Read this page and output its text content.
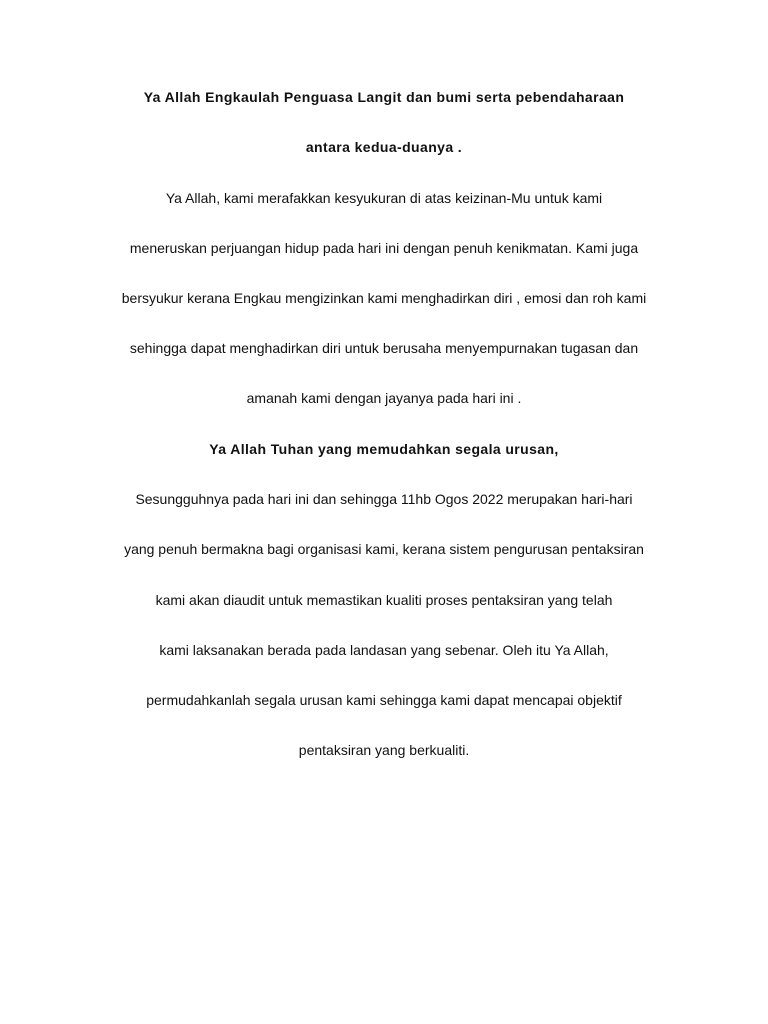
Ya Allah Engkaulah Penguasa Langit dan bumi serta pebendaharaan
antara kedua-duanya .
Ya Allah, kami merafakkan kesyukuran di atas keizinan-Mu untuk kami
meneruskan perjuangan hidup pada hari ini dengan penuh kenikmatan. Kami juga
bersyukur kerana Engkau mengizinkan kami menghadirkan diri , emosi dan roh kami
sehingga dapat menghadirkan diri untuk berusaha menyempurnakan tugasan dan
amanah kami dengan jayanya pada hari ini .
Ya Allah Tuhan yang memudahkan segala urusan,
Sesungguhnya pada hari ini dan sehingga 11hb Ogos 2022 merupakan hari-hari
yang penuh bermakna bagi organisasi kami, kerana sistem pengurusan pentaksiran
kami akan diaudit untuk memastikan kualiti proses pentaksiran yang telah
kami laksanakan berada pada landasan yang sebenar. Oleh itu Ya Allah,
permudahkanlah segala urusan kami sehingga kami dapat mencapai objektif
pentaksiran yang berkualiti.
